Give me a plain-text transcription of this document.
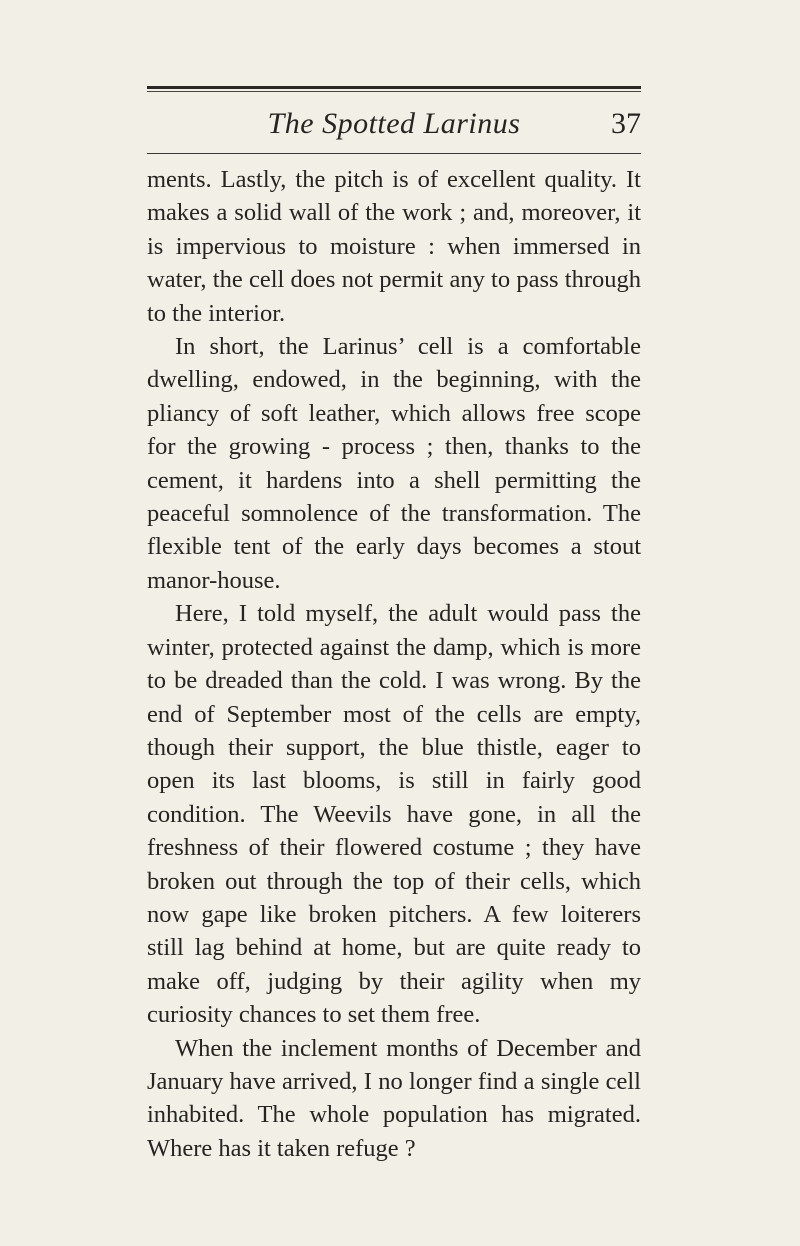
The Spotted Larinus	37

ments. Lastly, the pitch is of excellent quality. It makes a solid wall of the work ; and, moreover, it is impervious to moisture : when immersed in water, the cell does not permit any to pass through to the interior.

In short, the Larinus’ cell is a comfortable dwelling, endowed, in the beginning, with the pliancy of soft leather, which allows free scope for the growing - process ; then, thanks to the cement, it hardens into a shell permitting the peaceful somnolence of the transformation. The flexible tent of the early days becomes a stout manor-house.

Here, I told myself, the adult would pass the winter, protected against the damp, which is more to be dreaded than the cold. I was wrong. By the end of September most of the cells are empty, though their support, the blue thistle, eager to open its last blooms, is still in fairly good condition. The Weevils have gone, in all the freshness of their flowered costume ; they have broken out through the top of their cells, which now gape like broken pitchers. A few loiterers still lag behind at home, but are quite ready to make off, judging by their agility when my curiosity chances to set them free.

When the inclement months of December and January have arrived, I no longer find a single cell inhabited. The whole population has migrated. Where has it taken refuge ?
